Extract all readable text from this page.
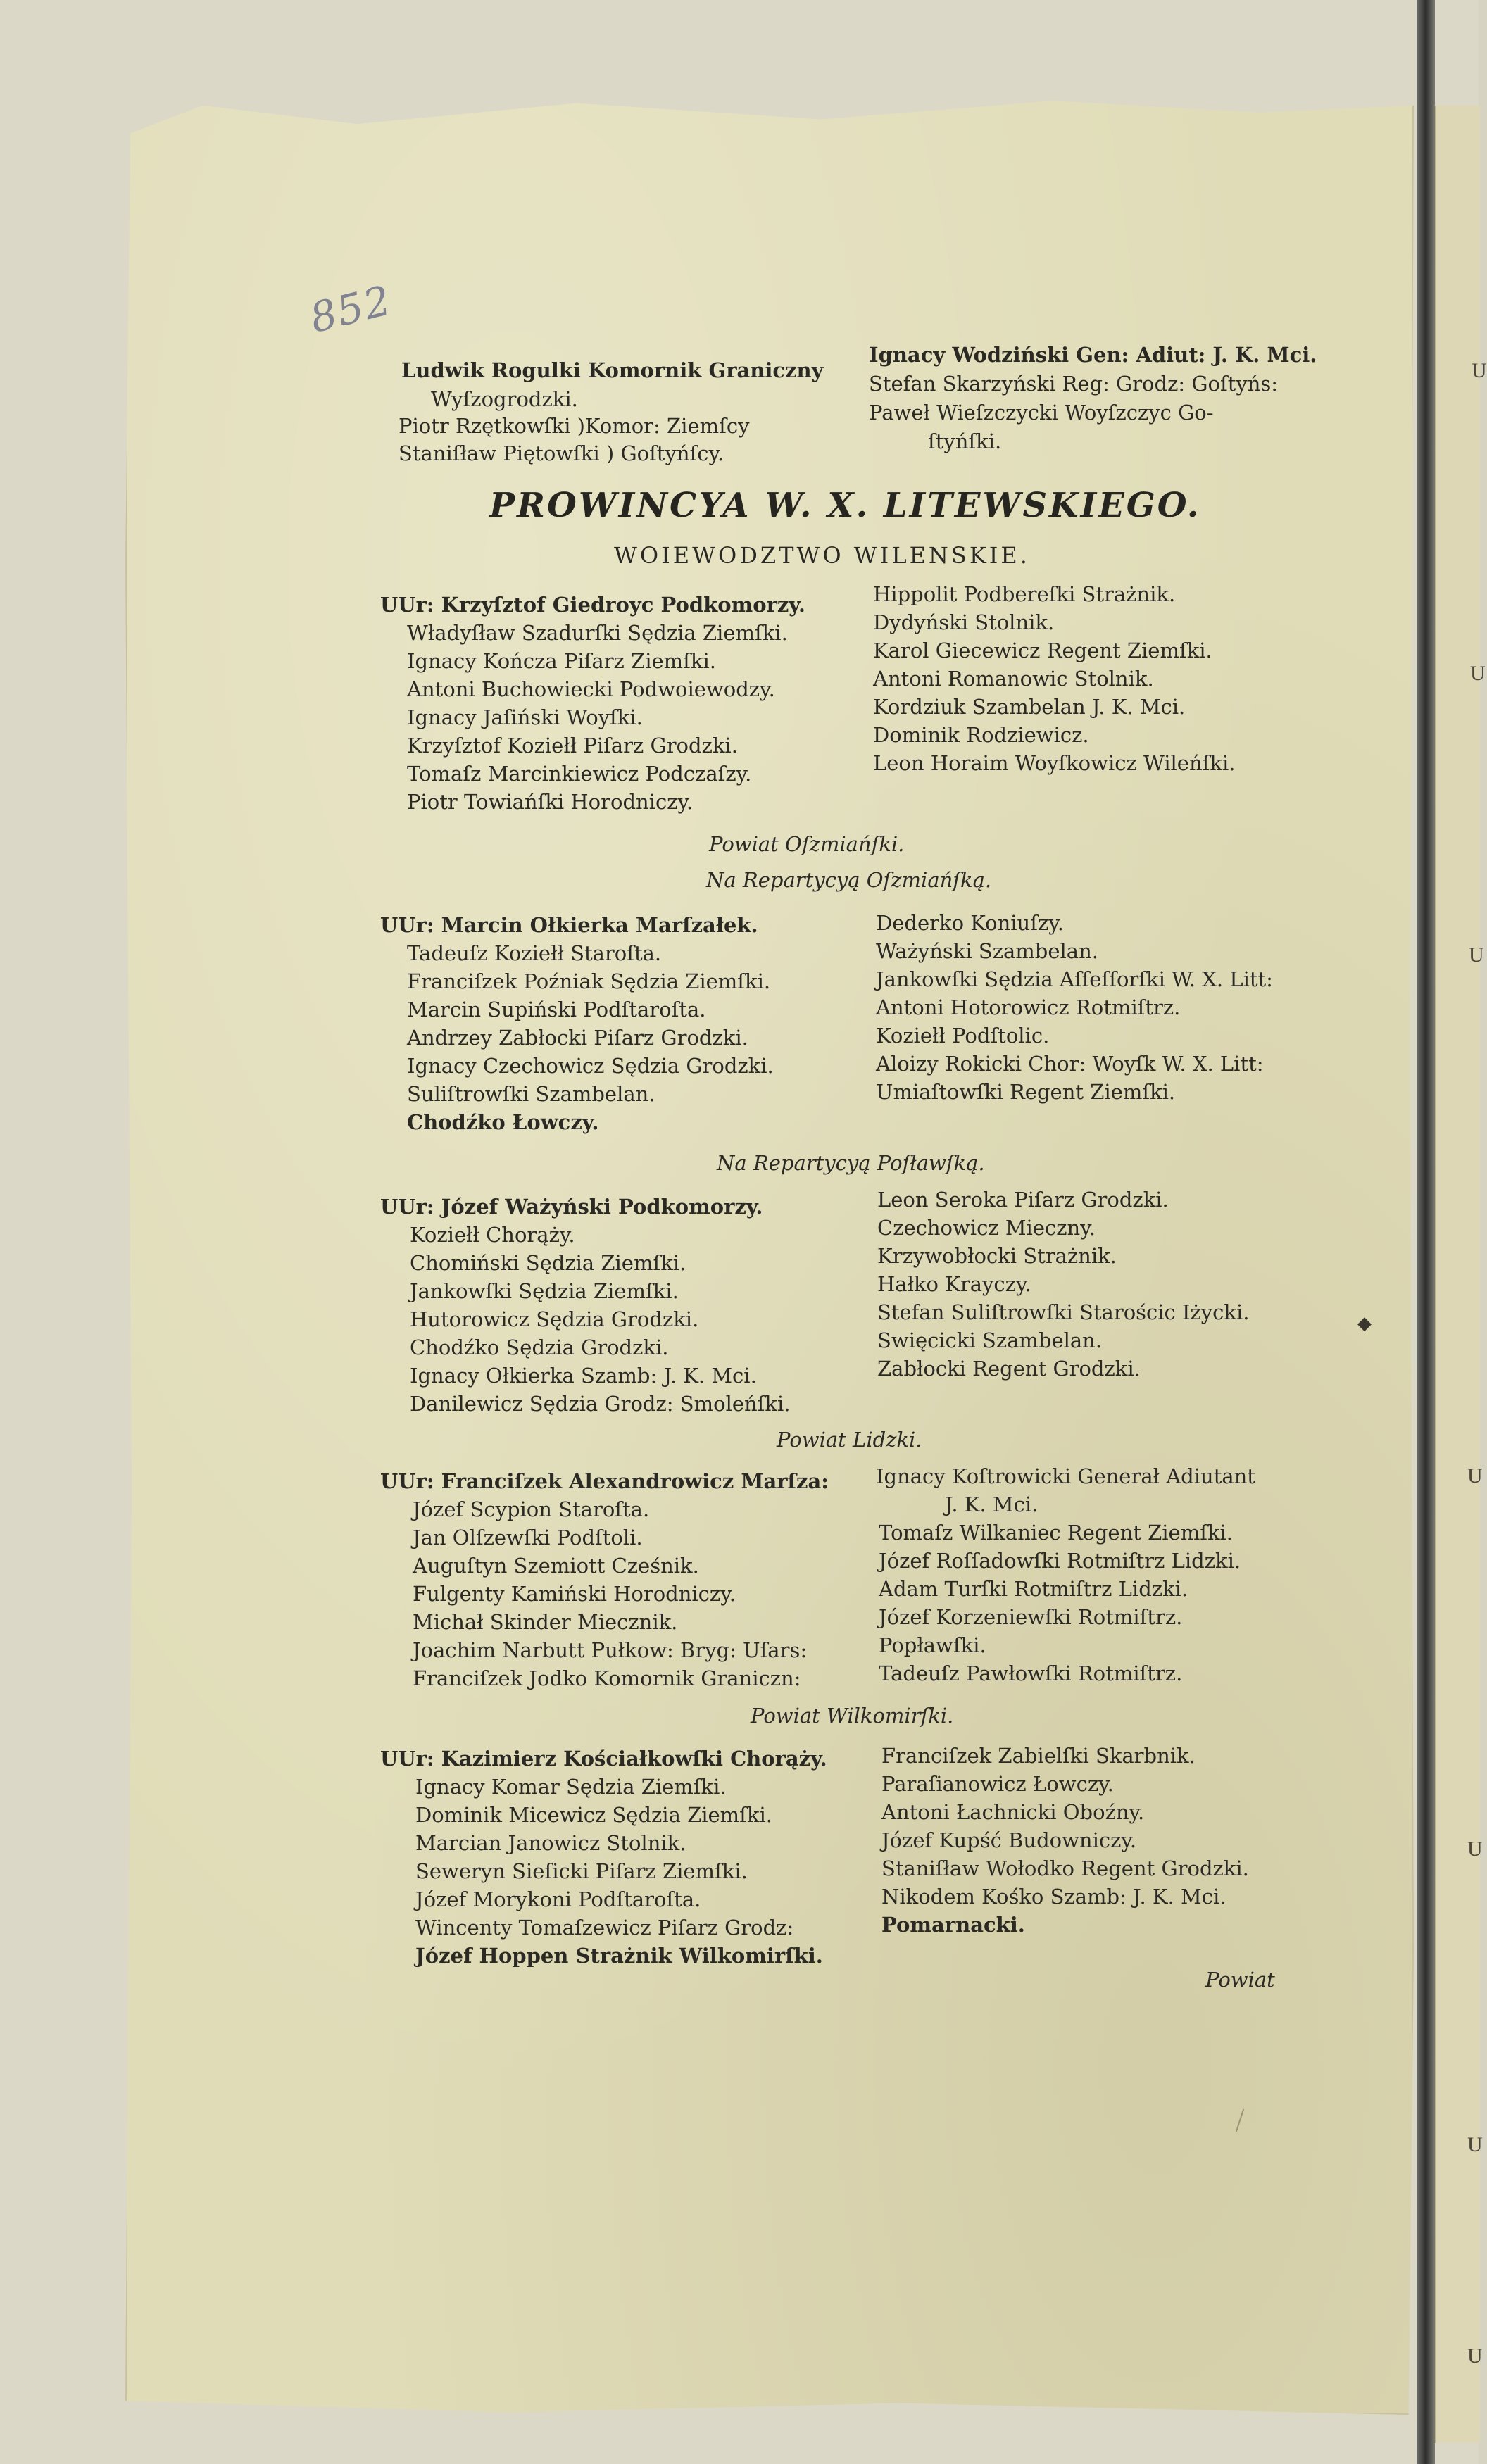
U
U
U
U
U
U
U
852
Ludwik Rogulki Komornik Graniczny
Wyſzogrodzki.
Piotr Rzętkowſki )Komor: Ziemſcy
Staniſław Piętowſki ) Goſtyńſcy.
Ignacy Wodziński Gen: Adiut: J. K. Mci.
Stefan Skarzyński Reg: Grodz: Goſtyńs:
Paweł Wieſzczycki Woyſzczyc Go-
ſtyńſki.
PROWINCYA W. X. LITEWSKIEGO.
WOIEWODZTWO WILENSKIE.
UUr: Krzyſztof Giedroyc Podkomorzy.
Władyſław Szadurſki Sędzia Ziemſki.
Ignacy Kończa Piſarz Ziemſki.
Antoni Buchowiecki Podwoiewodzy.
Ignacy Jaſiński Woyſki.
Krzyſztof Koziełł Piſarz Grodzki.
Tomaſz Marcinkiewicz Podczaſzy.
Piotr Towiańſki Horodniczy.
Hippolit Podbereſki Strażnik.
Dydyński Stolnik.
Karol Giecewicz Regent Ziemſki.
Antoni Romanowic Stolnik.
Kordziuk Szambelan J. K. Mci.
Dominik Rodziewicz.
Leon Horaim Woyſkowicz Wileńſki.
Powiat Oſzmiańſki.
Na Repartycyą Oſzmiańſką.
UUr: Marcin Ołkierka Marſzałek.
Tadeuſz Koziełł Staroſta.
Franciſzek Poźniak Sędzia Ziemſki.
Marcin Supiński Podſtaroſta.
Andrzey Zabłocki Piſarz Grodzki.
Ignacy Czechowicz Sędzia Grodzki.
Suliſtrowſki Szambelan.
Chodźko Łowczy.
Dederko Koniuſzy.
Ważyński Szambelan.
Jankowſki Sędzia Aſſeſſorſki W. X. Litt:
Antoni Hotorowicz Rotmiſtrz.
Koziełł Podſtolic.
Aloizy Rokicki Chor: Woyſk W. X. Litt:
Umiaſtowſki Regent Ziemſki.
Na Repartycyą Poſławſką.
UUr: Józef Ważyński Podkomorzy.
Koziełł Chorąży.
Chomiński Sędzia Ziemſki.
Jankowſki Sędzia Ziemſki.
Hutorowicz Sędzia Grodzki.
Chodźko Sędzia Grodzki.
Ignacy Ołkierka Szamb: J. K. Mci.
Danilewicz Sędzia Grodz: Smoleńſki.
Leon Seroka Piſarz Grodzki.
Czechowicz Mieczny.
Krzywobłocki Strażnik.
Hałko Krayczy.
Stefan Suliſtrowſki Starościc Iżycki.
Swięcicki Szambelan.
Zabłocki Regent Grodzki.
◆
Powiat Lidzki.
UUr: Franciſzek Alexandrowicz Marſza:
Józef Scypion Staroſta.
Jan Olſzewſki Podſtoli.
Auguſtyn Szemiott Cześnik.
Fulgenty Kamiński Horodniczy.
Michał Skinder Miecznik.
Joachim Narbutt Pułkow: Bryg: Uſars:
Franciſzek Jodko Komornik Graniczn:
Ignacy Koſtrowicki Generał Adiutant
J. K. Mci.
Tomaſz Wilkaniec Regent Ziemſki.
Józef Roſſadowſki Rotmiſtrz Lidzki.
Adam Turſki Rotmiſtrz Lidzki.
Józef Korzeniewſki Rotmiſtrz.
Popławſki.
Tadeuſz Pawłowſki Rotmiſtrz.
Powiat Wilkomirſki.
UUr: Kazimierz Kościałkowſki Chorąży.
Ignacy Komar Sędzia Ziemſki.
Dominik Micewicz Sędzia Ziemſki.
Marcian Janowicz Stolnik.
Seweryn Sieſicki Piſarz Ziemſki.
Józef Morykoni Podſtaroſta.
Wincenty Tomaſzewicz Piſarz Grodz:
Józef Hoppen Strażnik Wilkomirſki.
Franciſzek Zabielſki Skarbnik.
Paraſianowicz Łowczy.
Antoni Łachnicki Oboźny.
Józef Kupść Budowniczy.
Staniſław Wołodko Regent Grodzki.
Nikodem Kośko Szamb: J. K. Mci.
Pomarnacki.
Powiat
